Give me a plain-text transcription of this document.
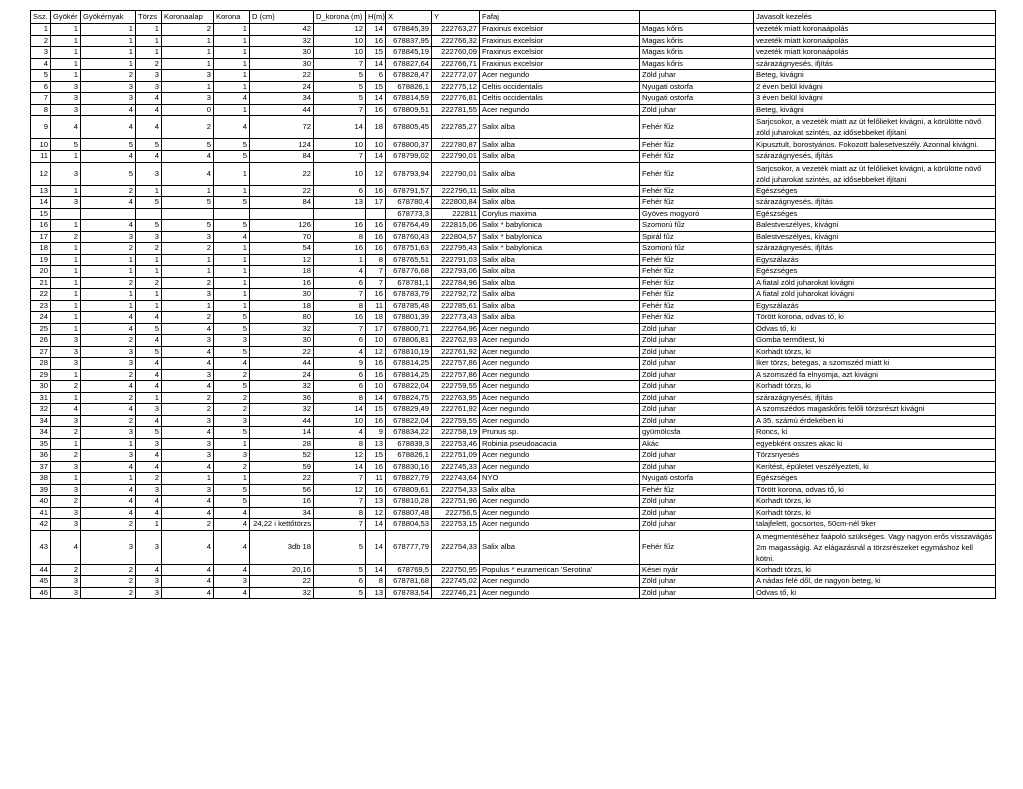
Ssz.	Gyökér	Gyökérnyak	Törzs	Koronaalap	Korona	D (cm)	D_korona (m)	H(m)	X	Y	Fafaj		Javasolt kezelés
1	1	1	1	2	1	42	12	14	678845,39	222763,27	Fraxinus excelsior	Magas kőris	vezeték miatt koronaápolás
2	1	1	1	1	1	32	10	16	678837,95	222766,32	Fraxinus excelsior	Magas kőris	vezeték miatt koronaápolás
3	1	1	1	1	1	30	10	15	678845,19	222760,09	Fraxinus excelsior	Magas kőris	vezeték miatt koronaápolás
4	1	1	2	1	1	30	7	14	678827,64	222766,71	Fraxinus excelsior	Magas kőris	szárazágnyesés, ifjítás
5	1	2	3	3	1	22	5	6	678828,47	222772,07	Acer negundo	Zöld juhar	Beteg, kivágni
6	3	3	3	1	1	24	5	15	678826,1	222775,12	Celtis occidentalis	Nyugati ostorfa	2 éven belül kivágni
7	3	3	4	3	4	34	5	14	678814,59	222776,81	Celtis occidentalis	Nyugati ostorfa	3 éven belül kivágni
8	3	4	4	0	1	44	7	16	678809,51	222781,55	Acer negundo	Zöld juhar	Beteg, kivágni
9	4	4	4	2	4	72	14	18	678805,45	222785,27	Salix alba	Fehér fűz	Sarjcsokor, a vezeték miatt az út felőlieket kivágni, a körülötte növő zöld juharokat szintés, az idősebbeket ifjítani
10	5	5	5	5	5	124	10	10	678800,37	222780,87	Salix alba	Fehér fűz	Kipusztult, borostyános. Fokozott balesetveszély. Azonnal kivágni.
11	1	4	4	4	5	84	7	14	678799,02	222790,01	Salix alba	Fehér fűz	szárazágnyesés, ifjítás
12	3	5	3	4	1	22	10	12	678793,94	222790,01	Salix alba	Fehér fűz	Sarjcsokor, a vezeték miatt az út felőlieket kivágni, a körülötte növő zöld juharokat szintés, az idősebbeket ifjítani
13	1	2	1	1	1	22	6	16	678791,57	222796,11	Salix alba	Fehér fűz	Egészséges
14	3	4	5	5	5	84	13	17	678780,4	222800,84	Salix alba	Fehér fűz	szárazágnyesés, ifjítás
15									678773,3	222811	Corylus maxima	Gyöves mogyoró	Egészséges
16	1	4	5	5	5	126	16	16	678764,49	222815,06	Salix * babylonica	Szomorú fűz	Balestveszélyes, kivágni
17	2	3	3	3	4	70	8	16	678760,43	222804,57	Salix * babylonica	Spirál fűz	Balestveszélyes, kivágni
18	1	2	2	2	1	54	16	16	678751,63	222795,43	Salix * babylonica	Szomorú fűz	szárazágnyesés, ifjítás
19	1	1	1	1	1	12	1	8	678765,51	222791,03	Salix alba	Fehér fűz	Egyszálazás
20	1	1	1	1	1	18	4	7	678776,68	222793,06	Salix alba	Fehér fűz	Egészséges
21	1	2	2	2	1	16	6	7	678781,1	222784,96	Salix alba	Fehér fűz	A fiatal zöld juharokat kivágni
22	1	1	1	3	1	30	7	16	678783,79	222792,72	Salix alba	Fehér fűz	A fiatal zöld juharokat kivágni
23	1	1	1	1	1	18	8	11	678785,48	222785,61	Salix alba	Fehér fűz	Egyszálazás
24	1	4	4	2	5	80	16	18	678801,39	222773,43	Salix alba	Fehér fűz	Törött korona, odvas tő, ki
25	1	4	5	4	5	32	7	17	678800,71	222764,96	Acer negundo	Zöld juhar	Odvas tő, ki
26	3	2	4	3	3	30	6	10	678806,81	222762,93	Acer negundo	Zöld juhar	Gomba termőtest, ki
27	3	3	5	4	5	22	4	12	678810,19	222761,92	Acer negundo	Zöld juhar	Korhadt törzs, ki
28	3	3	4	4	4	44	9	16	678814,25	222757,86	Acer negundo	Zöld juhar	Iker törzs, betegas, a szomszéd miatt ki
29	1	2	4	3	2	24	6	16	678814,25	222757,86	Acer negundo	Zöld juhar	A szomszéd fa elnyomja, azt kivágni
30	2	4	4	4	5	32	6	10	678822,04	222759,55	Acer negundo	Zöld juhar	Korhadt törzs, ki
31	1	2	1	2	2	36	8	14	678824,75	222763,95	Acer negundo	Zöld juhar	szárazágnyesés, ifjítás
32	4	4	3	2	2	32	14	15	678829,49	222761,92	Acer negundo	Zöld juhar	A szomszédos magaskőris felőli törzsrészt kivágni
34	3	2	4	3	3	44	10	16	678822,04	222759,55	Acer negundo	Zöld juhar	A 35. számú érdekében ki
34	2	3	5	4	5	14	4	9	678834,22	222758,19	Prunus sp.	gyümölcsfa	Roncs, ki
35	1	1	3	3	1	28	8	13	678839,3	222753,46	Robinia pseudoacacia	Akác	egyebként osszes akac ki
36	2	3	4	3	3	52	12	15	678826,1	222751,09	Acer negundo	Zöld juhar	Törzsnyesés
37	3	4	4	4	2	59	14	16	678830,16	222745,33	Acer negundo	Zöld juhar	Kerítést, épületet veszélyezteti, ki
38	1	1	2	1	1	22	7	11	678827,79	222743,64	NYO	Nyugati ostorfa	Egészséges
39	3	4	3	3	5	56	12	16	678809,61	222754,33	Salix alba	Fehér fűz	Törött korona, odvas tő, ki
40	2	4	4	4	5	16	7	13	678810,28	222751,96	Acer negundo	Zöld juhar	Korhadt törzs, ki
41	3	4	4	4	4	34	8	12	678807,48	222756,5	Acer negundo	Zöld juhar	Korhadt törzs, ki
42	3	2	1	2	4	24,22 i kettőtörzs	7	14	678804,53	222753,15	Acer negundo	Zöld juhar	talajfelett, gocsortos, 50cm-nél 9ker
43	4	3	3	4	4	3db 18	5	14	678777,79	222754,33	Salix alba	Fehér fűz	A megmentéséhez faápoló szükséges. Vagy nagyon erős visszavágás 2m magasságig. Az elágazásnál a törzsrészeket egymáshoz kell kötni.
44	2	2	4	4	4	20,16	5	14	678769,5	222750,95	Populus * euramerican 'Serotina'	Kései nyár	Korhadt törzs, ki
45	3	2	3	4	3	22	6	8	678781,68	222745,02	Acer negundo	Zöld juhar	A nádas felé dől, de nagyon beteg, ki
46	3	2	3	4	4	32	5	13	678783,54	222746,21	Acer negundo	Zöld juhar	Odvas tő, ki
